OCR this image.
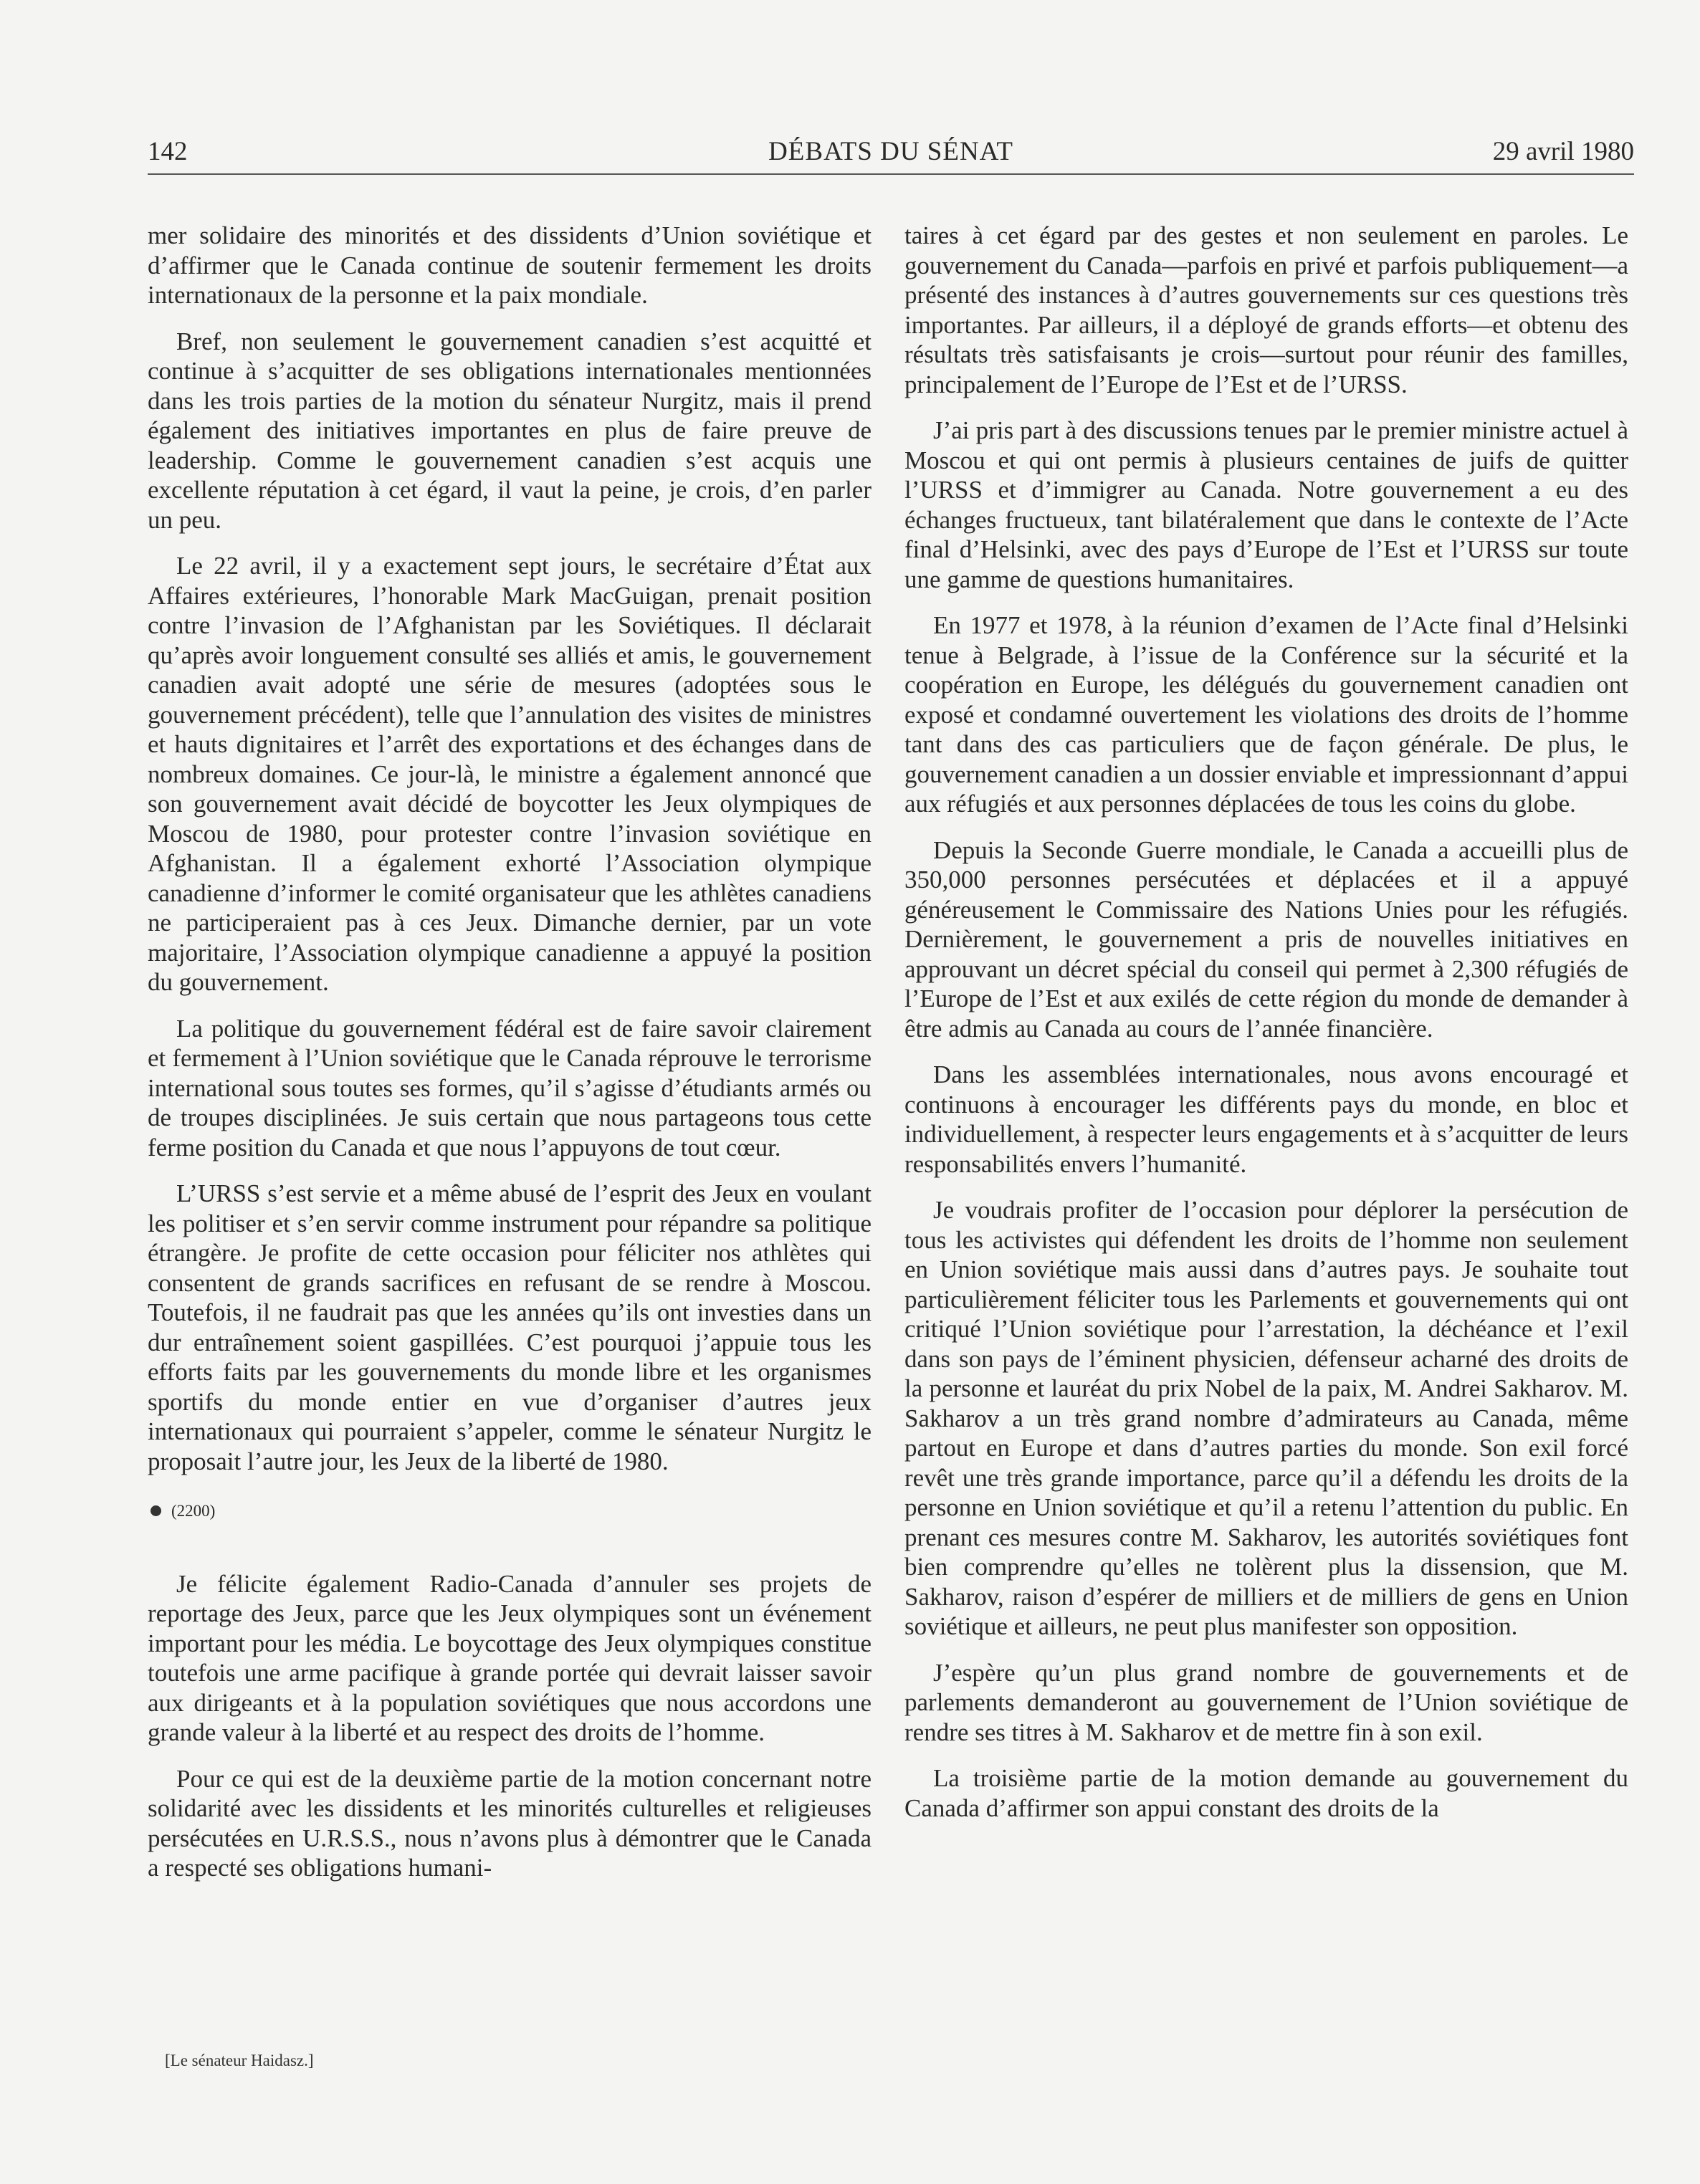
142	DÉBATS DU SÉNAT	29 avril 1980

mer solidaire des minorités et des dissidents d’Union soviétique et d’affirmer que le Canada continue de soutenir fermement les droits internationaux de la personne et la paix mondiale.

Bref, non seulement le gouvernement canadien s’est acquitté et continue à s’acquitter de ses obligations internationales mentionnées dans les trois parties de la motion du sénateur Nurgitz, mais il prend également des initiatives importantes en plus de faire preuve de leadership. Comme le gouvernement canadien s’est acquis une excellente réputation à cet égard, il vaut la peine, je crois, d’en parler un peu.

Le 22 avril, il y a exactement sept jours, le secrétaire d’État aux Affaires extérieures, l’honorable Mark MacGuigan, prenait position contre l’invasion de l’Afghanistan par les Soviétiques. Il déclarait qu’après avoir longuement consulté ses alliés et amis, le gouvernement canadien avait adopté une série de mesures (adoptées sous le gouvernement précédent), telle que l’annulation des visites de ministres et hauts dignitaires et l’arrêt des exportations et des échanges dans de nombreux domaines. Ce jour-là, le ministre a également annoncé que son gouvernement avait décidé de boycotter les Jeux olympiques de Moscou de 1980, pour protester contre l’invasion soviétique en Afghanistan. Il a également exhorté l’Association olympique canadienne d’informer le comité organisateur que les athlètes canadiens ne participeraient pas à ces Jeux. Dimanche dernier, par un vote majoritaire, l’Association olympique canadienne a appuyé la position du gouvernement.

La politique du gouvernement fédéral est de faire savoir clairement et fermement à l’Union soviétique que le Canada réprouve le terrorisme international sous toutes ses formes, qu’il s’agisse d’étudiants armés ou de troupes disciplinées. Je suis certain que nous partageons tous cette ferme position du Canada et que nous l’appuyons de tout cœur.

L’URSS s’est servie et a même abusé de l’esprit des Jeux en voulant les politiser et s’en servir comme instrument pour répandre sa politique étrangère. Je profite de cette occasion pour féliciter nos athlètes qui consentent de grands sacrifices en refusant de se rendre à Moscou. Toutefois, il ne faudrait pas que les années qu’ils ont investies dans un dur entraînement soient gaspillées. C’est pourquoi j’appuie tous les efforts faits par les gouvernements du monde libre et les organismes sportifs du monde entier en vue d’organiser d’autres jeux internationaux qui pourraient s’appeler, comme le sénateur Nurgitz le proposait l’autre jour, les Jeux de la liberté de 1980.

(2200)

Je félicite également Radio-Canada d’annuler ses projets de reportage des Jeux, parce que les Jeux olympiques sont un événement important pour les média. Le boycottage des Jeux olympiques constitue toutefois une arme pacifique à grande portée qui devrait laisser savoir aux dirigeants et à la population soviétiques que nous accordons une grande valeur à la liberté et au respect des droits de l’homme.

Pour ce qui est de la deuxième partie de la motion concernant notre solidarité avec les dissidents et les minorités culturelles et religieuses persécutées en U.R.S.S., nous n’avons plus à démontrer que le Canada a respecté ses obligations humani-

[Le sénateur Haidasz.]

taires à cet égard par des gestes et non seulement en paroles. Le gouvernement du Canada—parfois en privé et parfois publiquement—a présenté des instances à d’autres gouvernements sur ces questions très importantes. Par ailleurs, il a déployé de grands efforts—et obtenu des résultats très satisfaisants je crois—surtout pour réunir des familles, principalement de l’Europe de l’Est et de l’URSS.

J’ai pris part à des discussions tenues par le premier ministre actuel à Moscou et qui ont permis à plusieurs centaines de juifs de quitter l’URSS et d’immigrer au Canada. Notre gouvernement a eu des échanges fructueux, tant bilatéralement que dans le contexte de l’Acte final d’Helsinki, avec des pays d’Europe de l’Est et l’URSS sur toute une gamme de questions humanitaires.

En 1977 et 1978, à la réunion d’examen de l’Acte final d’Helsinki tenue à Belgrade, à l’issue de la Conférence sur la sécurité et la coopération en Europe, les délégués du gouvernement canadien ont exposé et condamné ouvertement les violations des droits de l’homme tant dans des cas particuliers que de façon générale. De plus, le gouvernement canadien a un dossier enviable et impressionnant d’appui aux réfugiés et aux personnes déplacées de tous les coins du globe.

Depuis la Seconde Guerre mondiale, le Canada a accueilli plus de 350,000 personnes persécutées et déplacées et il a appuyé généreusement le Commissaire des Nations Unies pour les réfugiés. Dernièrement, le gouvernement a pris de nouvelles initiatives en approuvant un décret spécial du conseil qui permet à 2,300 réfugiés de l’Europe de l’Est et aux exilés de cette région du monde de demander à être admis au Canada au cours de l’année financière.

Dans les assemblées internationales, nous avons encouragé et continuons à encourager les différents pays du monde, en bloc et individuellement, à respecter leurs engagements et à s’acquitter de leurs responsabilités envers l’humanité.

Je voudrais profiter de l’occasion pour déplorer la persécution de tous les activistes qui défendent les droits de l’homme non seulement en Union soviétique mais aussi dans d’autres pays. Je souhaite tout particulièrement féliciter tous les Parlements et gouvernements qui ont critiqué l’Union soviétique pour l’arrestation, la déchéance et l’exil dans son pays de l’éminent physicien, défenseur acharné des droits de la personne et lauréat du prix Nobel de la paix, M. Andrei Sakharov. M. Sakharov a un très grand nombre d’admirateurs au Canada, même partout en Europe et dans d’autres parties du monde. Son exil forcé revêt une très grande importance, parce qu’il a défendu les droits de la personne en Union soviétique et qu’il a retenu l’attention du public. En prenant ces mesures contre M. Sakharov, les autorités soviétiques font bien comprendre qu’elles ne tolèrent plus la dissension, que M. Sakharov, raison d’espérer de milliers et de milliers de gens en Union soviétique et ailleurs, ne peut plus manifester son opposition.

J’espère qu’un plus grand nombre de gouvernements et de parlements demanderont au gouvernement de l’Union soviétique de rendre ses titres à M. Sakharov et de mettre fin à son exil.

La troisième partie de la motion demande au gouvernement du Canada d’affirmer son appui constant des droits de la
